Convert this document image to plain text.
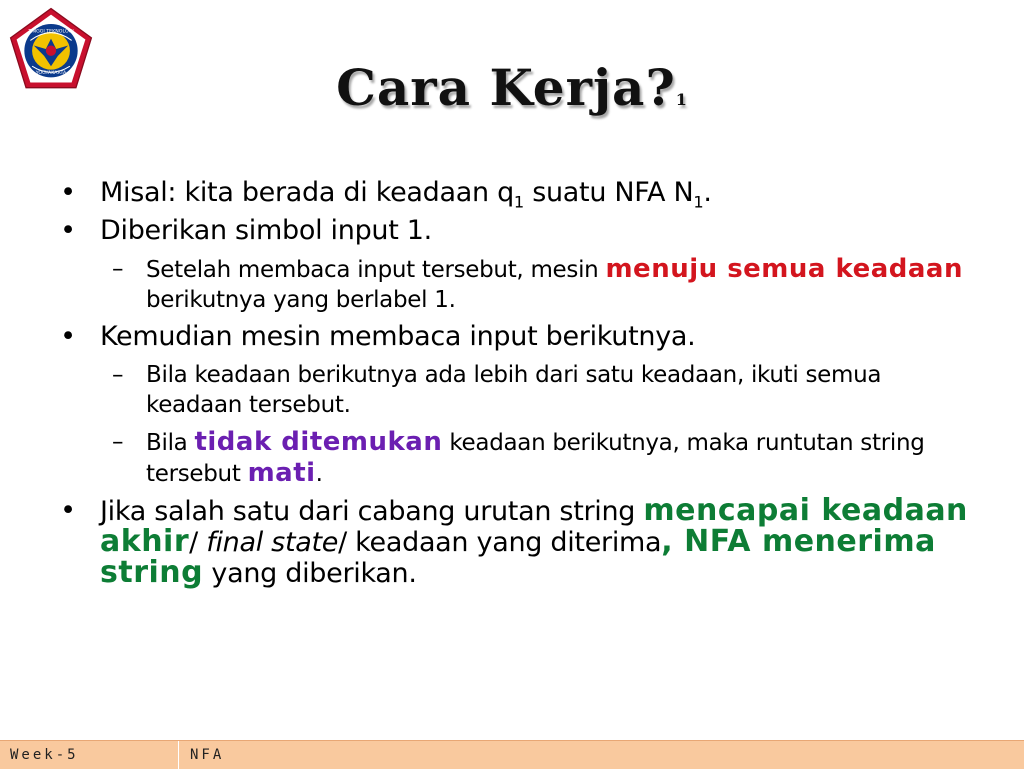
TINGGI TEKNOLOGI
YOGYAKARTA	Cara Kerja?1
• Misal: kita berada di keadaan $q_1$ suatu NFA $N_1$.
• Diberikan simbol input 1.
– Setelah membaca input tersebut, mesin menuju semua keadaan berikutnya yang berlabel 1.
• Kemudian mesin membaca input berikutnya.
– Bila keadaan berikutnya ada lebih dari satu keadaan, ikuti semua keadaan tersebut.
– Bila tidak ditemukan keadaan berikutnya, maka runtutan string tersebut mati.
• Jika salah satu dari cabang urutan string mencapai keadaan akhir/ final state/ keadaan yang diterima, NFA menerima string yang diberikan.
Week-5	NFA
